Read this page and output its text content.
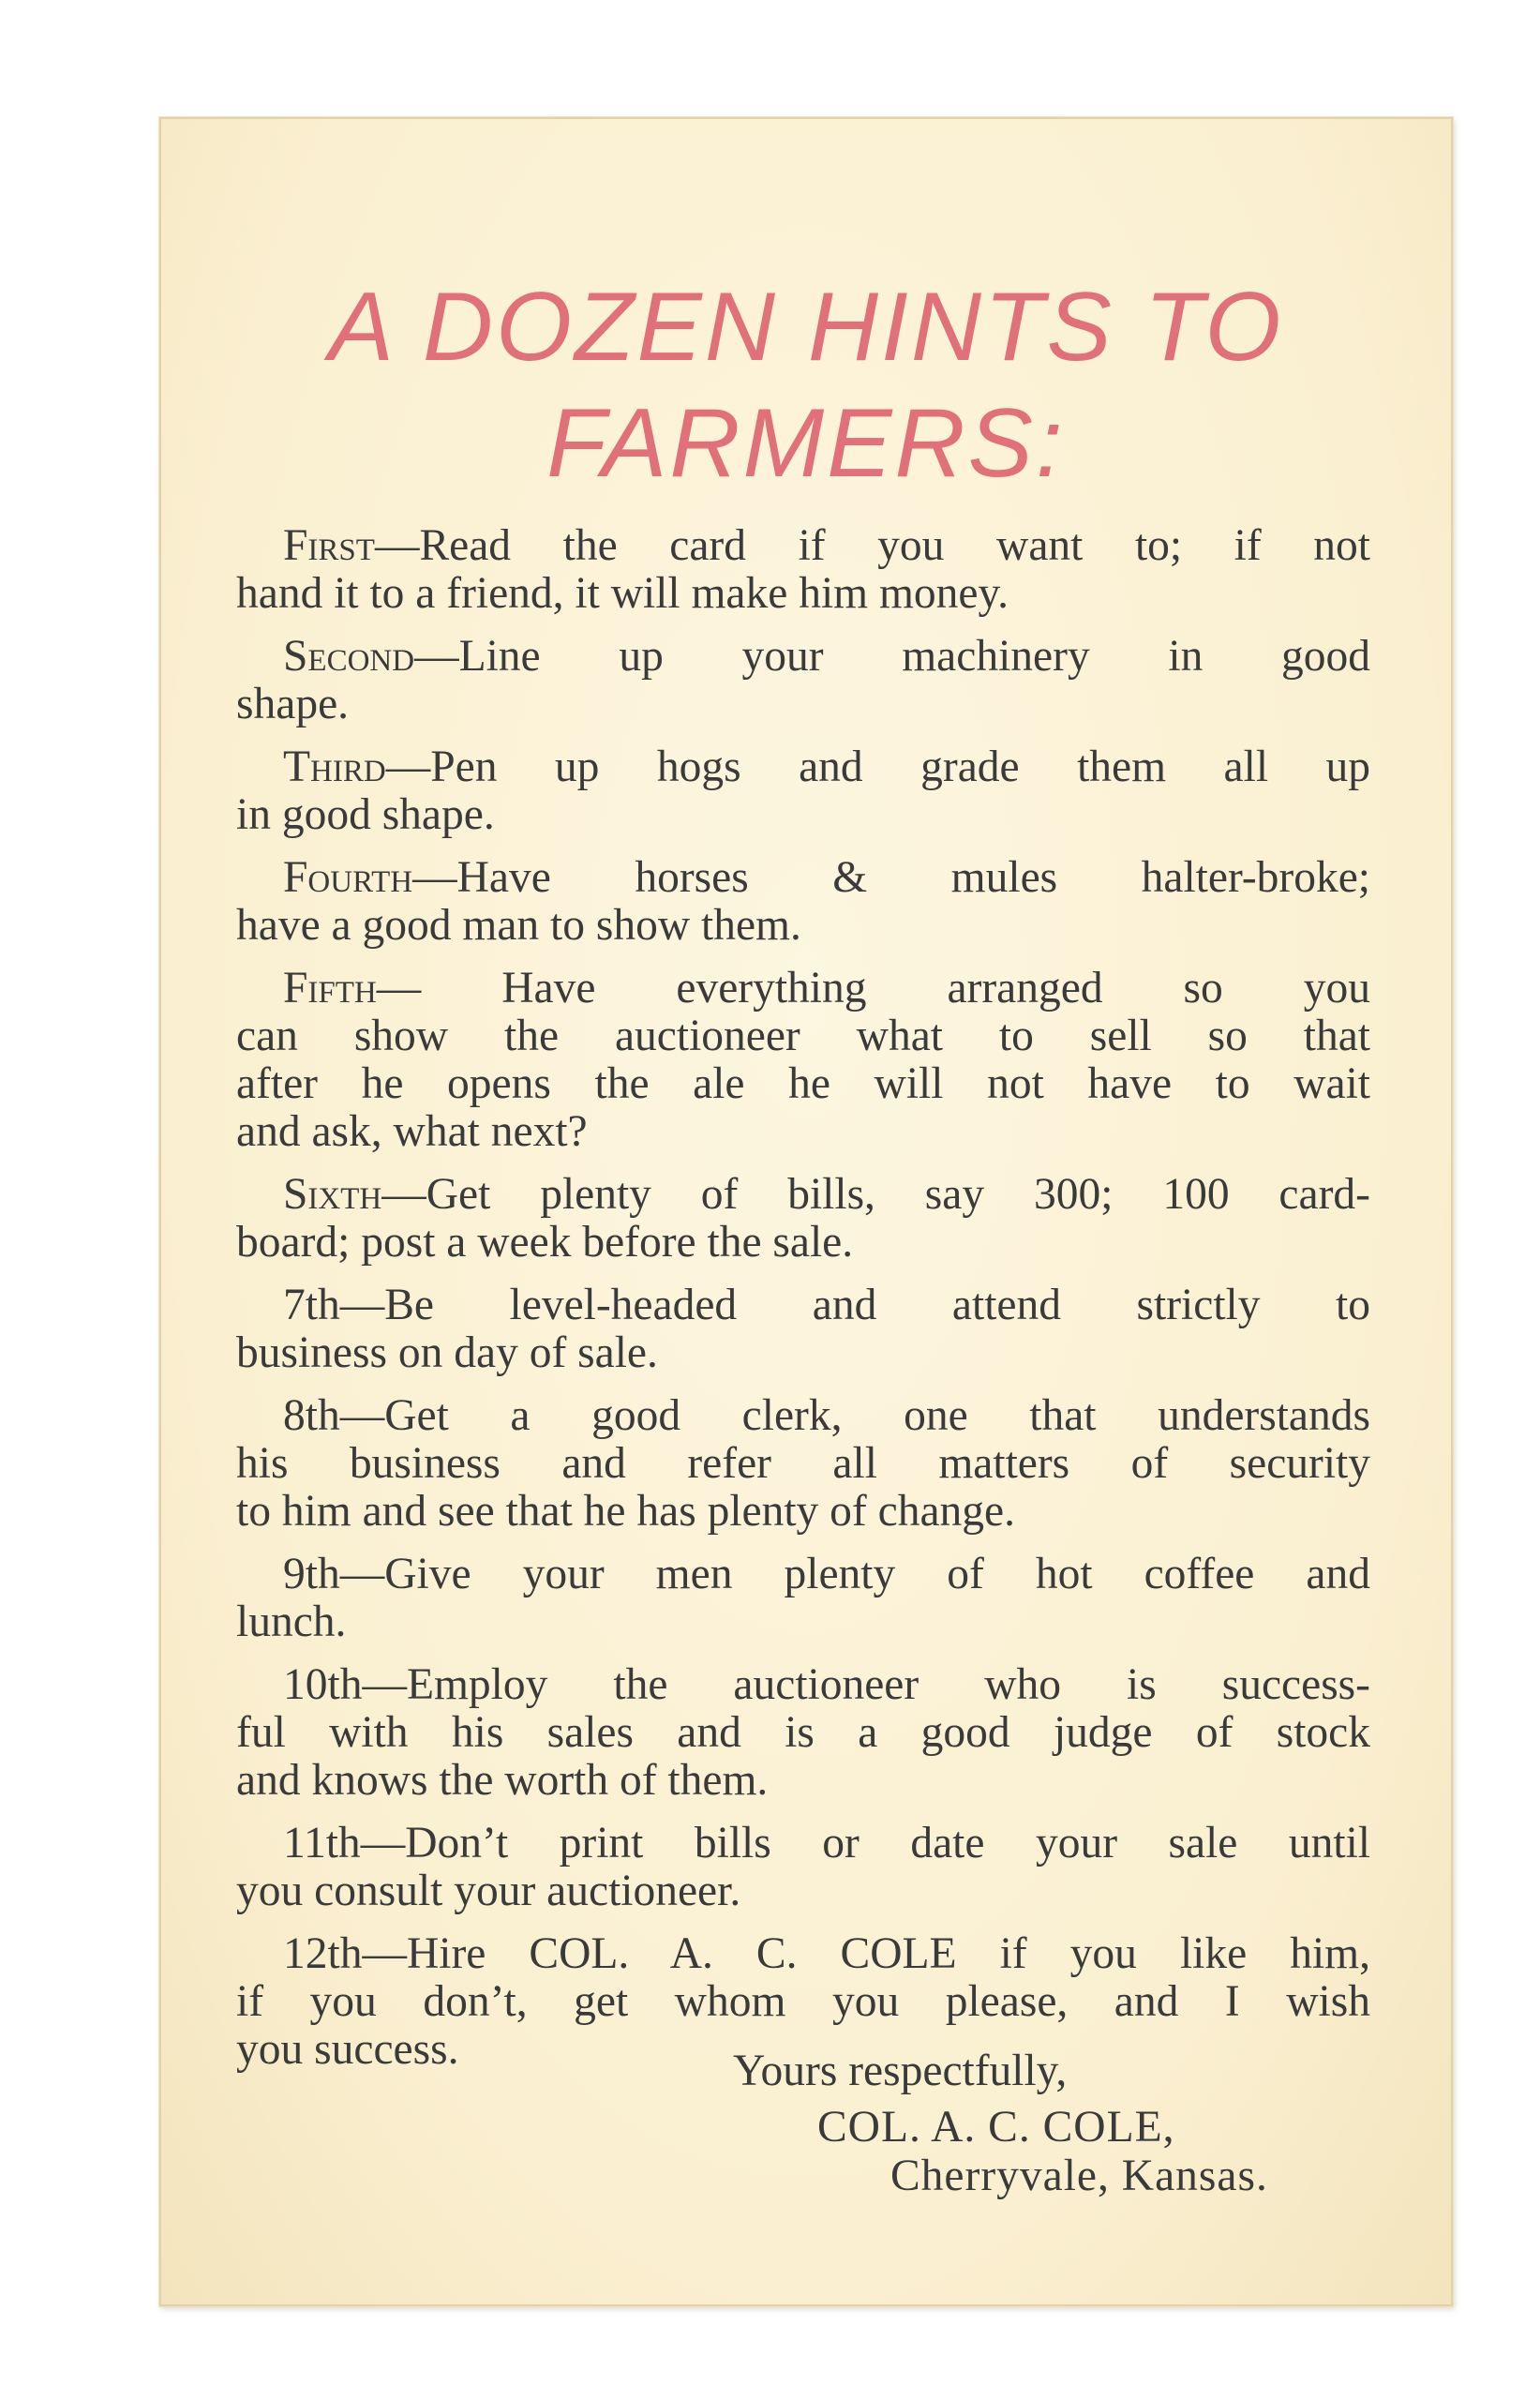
A DOZEN HINTS TO
FARMERS:
First—Read the card if you want to; if not
hand it to a friend, it will make him money.
Second—Line up your machinery in good
shape.
Third—Pen up hogs and grade them all up
in good shape.
Fourth—Have horses & mules halter-broke;
have a good man to show them.
Fifth— Have everything arranged so you
can show the auctioneer what to sell so that
after he opens the ale he will not have to wait
and ask, what next?
Sixth—Get plenty of bills, say 300; 100 card-
board; post a week before the sale.
7th—Be level-headed and attend strictly to
business on day of sale.
8th—Get a good clerk, one that understands
his business and refer all matters of security
to him and see that he has plenty of change.
9th—Give your men plenty of hot coffee and
lunch.
10th—Employ the auctioneer who is success-
ful with his sales and is a good judge of stock
and knows the worth of them.
11th—Don’t print bills or date your sale until
you consult your auctioneer.
12th—Hire COL. A. C. COLE if you like him,
if you don’t, get whom you please, and I wish
you success.	Yours respectfully,
COL. A. C. COLE,
Cherryvale, Kansas.
